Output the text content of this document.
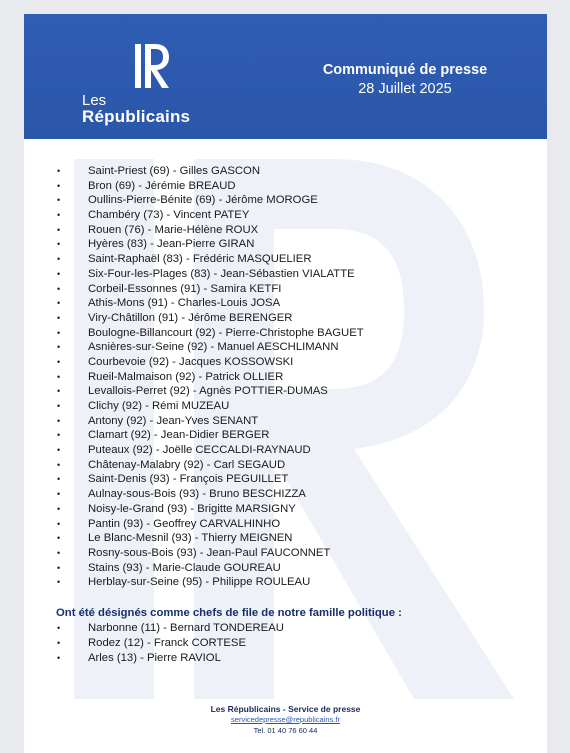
Les
Républicains
Communiqué de presse
28 Juillet 2025
• Saint-Priest (69) - Gilles GASCON
• Bron (69) - Jérémie BREAUD
• Oullins-Pierre-Bénite (69) - Jérôme MOROGE
• Chambéry (73) - Vincent PATEY
• Rouen (76) - Marie-Hélène ROUX
• Hyères (83) - Jean-Pierre GIRAN
• Saint-Raphaël (83) - Frédéric MASQUELIER
• Six-Four-les-Plages (83) - Jean-Sébastien VIALATTE
• Corbeil-Essonnes (91) - Samira KETFI
• Athis-Mons (91) - Charles-Louis JOSA
• Viry-Châtillon (91) - Jérôme BERENGER
• Boulogne-Billancourt (92) - Pierre-Christophe BAGUET
• Asnières-sur-Seine (92) - Manuel AESCHLIMANN
• Courbevoie (92) - Jacques KOSSOWSKI
• Rueil-Malmaison (92) - Patrick OLLIER
• Levallois-Perret (92) - Agnès POTTIER-DUMAS
• Clichy (92) - Rémi MUZEAU
• Antony (92) - Jean-Yves SENANT
• Clamart (92) - Jean-Didier BERGER
• Puteaux (92) - Joëlle CECCALDI-RAYNAUD
• Châtenay-Malabry (92) - Carl SEGAUD
• Saint-Denis (93) - François PEGUILLET
• Aulnay-sous-Bois (93) - Bruno BESCHIZZA
• Noisy-le-Grand (93) - Brigitte MARSIGNY
• Pantin (93) - Geoffrey CARVALHINHO
• Le Blanc-Mesnil (93) - Thierry MEIGNEN
• Rosny-sous-Bois (93) - Jean-Paul FAUCONNET
• Stains (93) - Marie-Claude GOUREAU
• Herblay-sur-Seine (95) - Philippe ROULEAU
Ont été désignés comme chefs de file de notre famille politique :
• Narbonne (11) - Bernard TONDEREAU
• Rodez (12) - Franck CORTESE
• Arles (13) - Pierre RAVIOL
Les Républicains - Service de presse
servicedepresse@republicains.fr
Tel. 01 40 76 60 44
